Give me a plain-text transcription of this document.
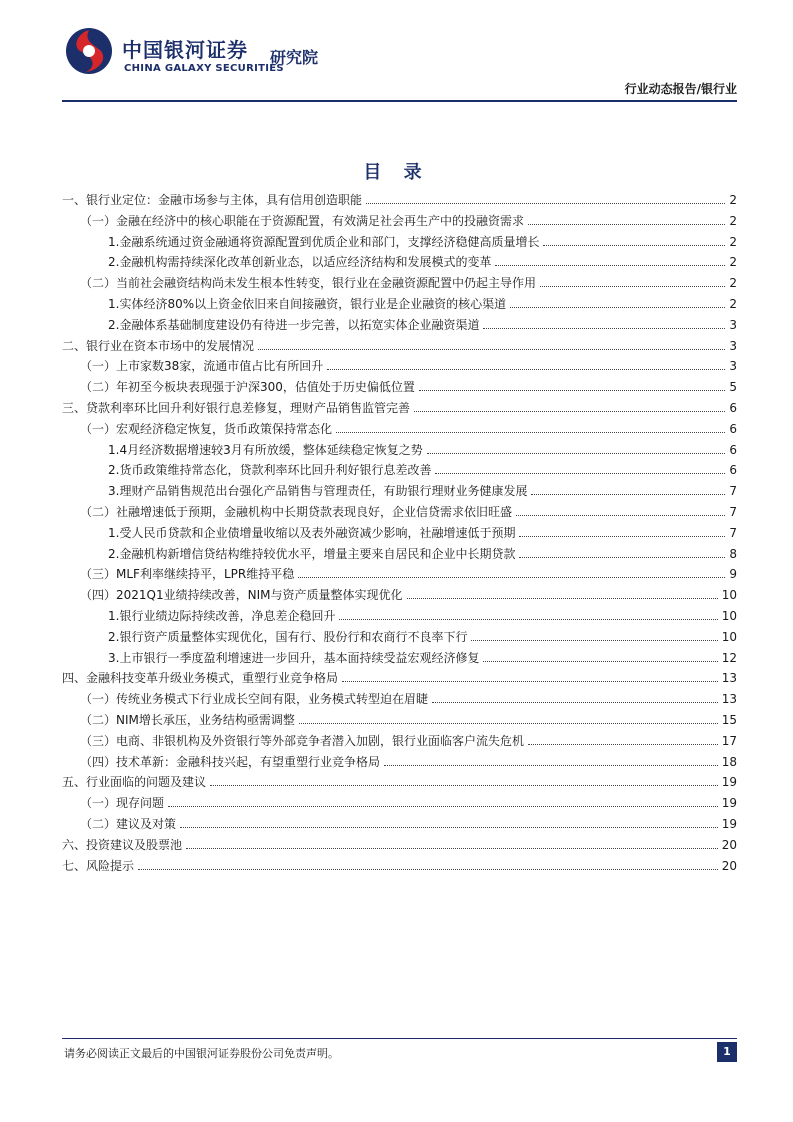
中国银河证券
CHINA GALAXY SECURITIES
研究院
行业动态报告/银行业
目 录
一、银行业定位：金融市场参与主体，具有信用创造职能	2
（一）金融在经济中的核心职能在于资源配置，有效满足社会再生产中的投融资需求	2
1.金融系统通过资金融通将资源配置到优质企业和部门，支撑经济稳健高质量增长	2
2.金融机构需持续深化改革创新业态，以适应经济结构和发展模式的变革	2
（二）当前社会融资结构尚未发生根本性转变，银行业在金融资源配置中仍起主导作用	2
1.实体经济80%以上资金依旧来自间接融资，银行业是企业融资的核心渠道	2
2.金融体系基础制度建设仍有待进一步完善，以拓宽实体企业融资渠道	3
二、银行业在资本市场中的发展情况	3
（一）上市家数38家，流通市值占比有所回升	3
（二）年初至今板块表现强于沪深300，估值处于历史偏低位置	5
三、贷款利率环比回升利好银行息差修复，理财产品销售监管完善	6
（一）宏观经济稳定恢复，货币政策保持常态化	6
1.4月经济数据增速较3月有所放缓，整体延续稳定恢复之势	6
2.货币政策维持常态化，贷款利率环比回升利好银行息差改善	6
3.理财产品销售规范出台强化产品销售与管理责任，有助银行理财业务健康发展	7
（二）社融增速低于预期，金融机构中长期贷款表现良好，企业信贷需求依旧旺盛	7
1.受人民币贷款和企业债增量收缩以及表外融资减少影响，社融增速低于预期	7
2.金融机构新增信贷结构维持较优水平，增量主要来自居民和企业中长期贷款	8
（三）MLF利率继续持平，LPR维持平稳	9
（四）2021Q1业绩持续改善，NIM与资产质量整体实现优化	10
1.银行业绩边际持续改善，净息差企稳回升	10
2.银行资产质量整体实现优化，国有行、股份行和农商行不良率下行	10
3.上市银行一季度盈利增速进一步回升，基本面持续受益宏观经济修复	12
四、金融科技变革升级业务模式，重塑行业竞争格局	13
（一）传统业务模式下行业成长空间有限，业务模式转型迫在眉睫	13
（二）NIM增长承压，业务结构亟需调整	15
（三）电商、非银机构及外资银行等外部竞争者潜入加剧，银行业面临客户流失危机	17
（四）技术革新：金融科技兴起，有望重塑行业竞争格局	18
五、行业面临的问题及建议	19
（一）现存问题	19
（二）建议及对策	19
六、投资建议及股票池	20
七、风险提示	20
请务必阅读正文最后的中国银河证券股份公司免责声明。	1
